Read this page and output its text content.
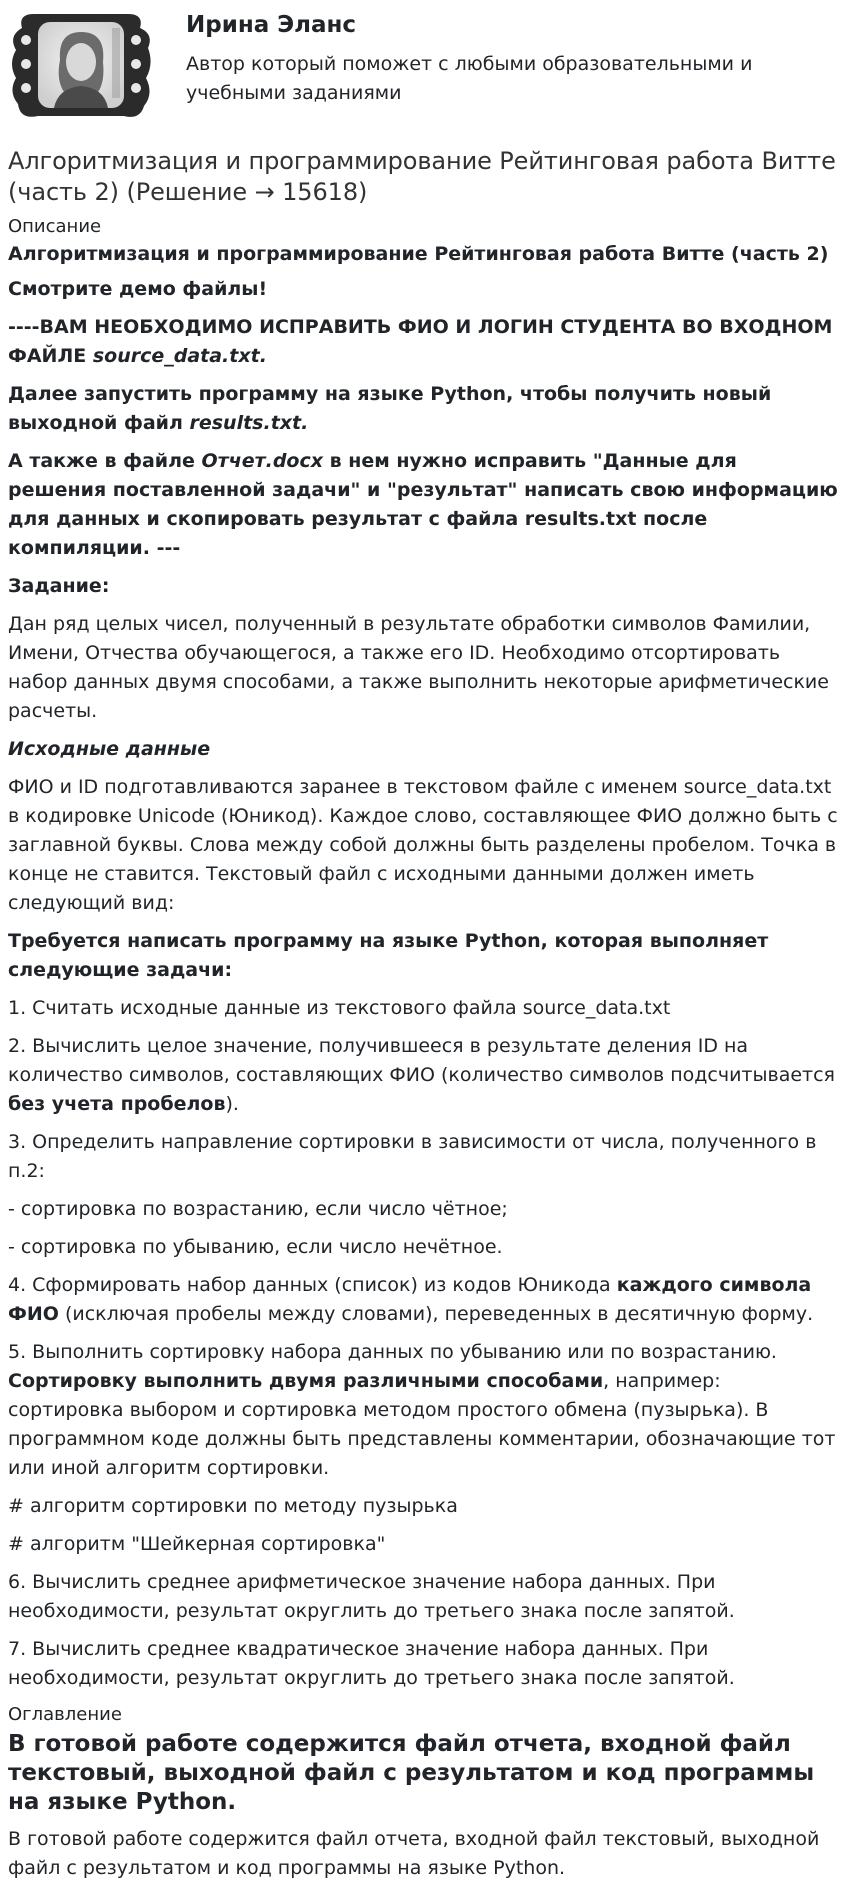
Ирина Эланс
Автор который поможет с любыми образовательными и учебными заданиями
Алгоритмизация и программирование Рейтинговая работа Витте (часть 2) (Решение → 15618)
Описание

Алгоритмизация и программирование Рейтинговая работа Витте (часть 2)

Смотрите демо файлы!

----ВАМ НЕОБХОДИМО ИСПРАВИТЬ ФИО И ЛОГИН СТУДЕНТА ВО ВХОДНОМ ФАЙЛЕ source_data.txt.

Далее запустить программу на языке Python, чтобы получить новый выходной файл results.txt.

А также в файле Отчет.docx в нем нужно исправить "Данные для решения поставленной задачи" и "результат" написать свою информацию для данных и скопировать результат с файла results.txt после компиляции. ---

Задание:

Дан ряд целых чисел, полученный в результате обработки символов Фамилии, Имени, Отчества обучающегося, а также его ID. Необходимо отсортировать набор данных двумя способами, а также выполнить некоторые арифметические расчеты.

Исходные данные

ФИО и ID подготавливаются заранее в текстовом файле с именем source_data.txt в кодировке Unicode (Юникод). Каждое слово, составляющее ФИО должно быть с заглавной буквы. Слова между собой должны быть разделены пробелом. Точка в конце не ставится. Текстовый файл с исходными данными должен иметь следующий вид:

Требуется написать программу на языке Python, которая выполняет следующие задачи:

1. Считать исходные данные из текстового файла source_data.txt

2. Вычислить целое значение, получившееся в результате деления ID на количество символов, составляющих ФИО (количество символов подсчитывается без учета пробелов).

3. Определить направление сортировки в зависимости от числа, полученного в п.2:

- сортировка по возрастанию, если число чётное;

- сортировка по убыванию, если число нечётное.

4. Сформировать набор данных (список) из кодов Юникода каждого символа ФИО (исключая пробелы между словами), переведенных в десятичную форму.

5. Выполнить сортировку набора данных по убыванию или по возрастанию. Сортировку выполнить двумя различными способами, например: сортировка выбором и сортировка методом простого обмена (пузырька). В программном коде должны быть представлены комментарии, обозначающие тот или иной алгоритм сортировки.

# алгоритм сортировки по методу пузырька

# алгоритм "Шейкерная сортировка"

6. Вычислить среднее арифметическое значение набора данных. При необходимости, результат округлить до третьего знака после запятой.

7. Вычислить среднее квадратическое значение набора данных. При необходимости, результат округлить до третьего знака после запятой.

Оглавление
В готовой работе содержится файл отчета, входной файл текстовый, выходной файл с результатом и код программы на языке Python.

В готовой работе содержится файл отчета, входной файл текстовый, выходной файл с результатом и код программы на языке Python.
